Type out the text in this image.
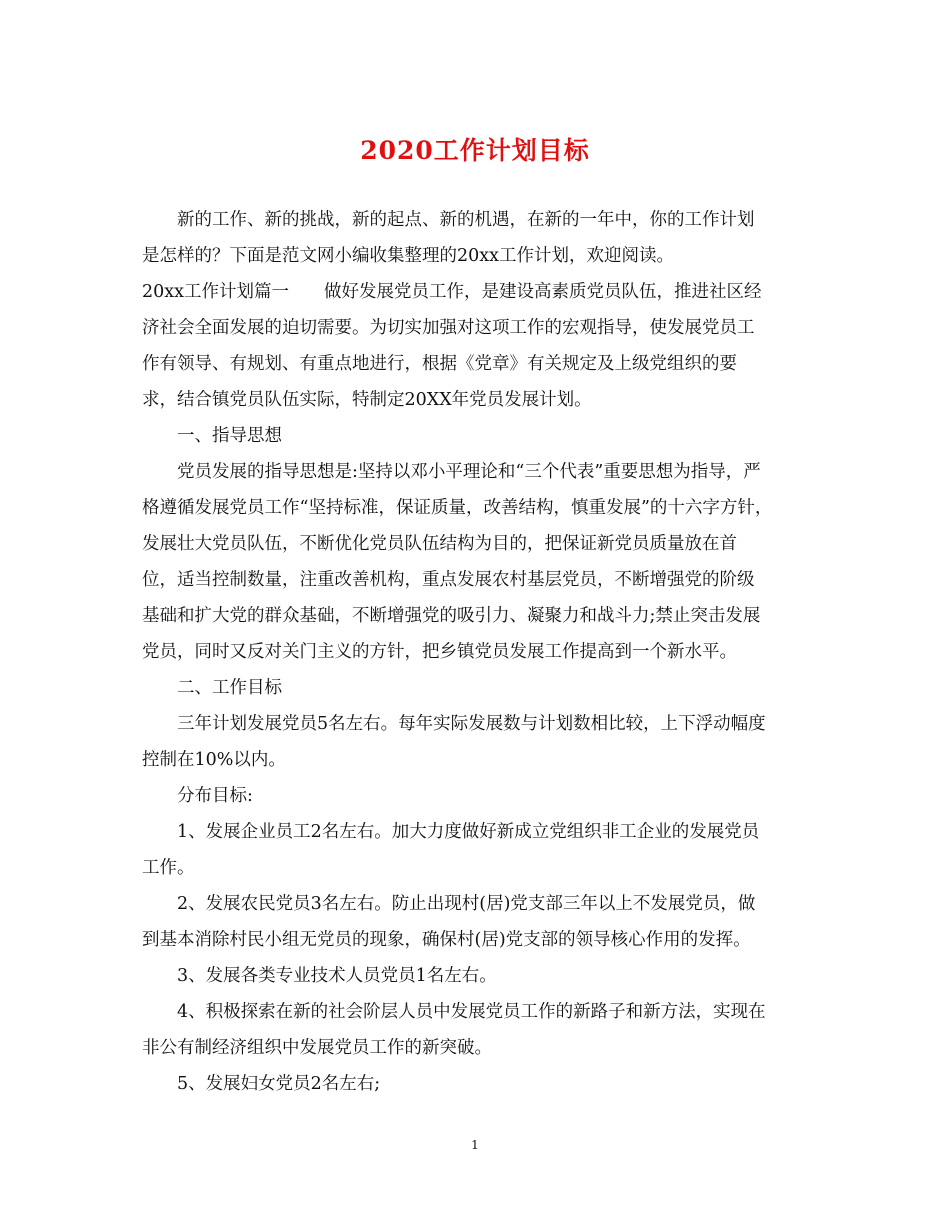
2020工作计划目标
新的工作、新的挑战，新的起点、新的机遇，在新的一年中，你的工作计划
是怎样的？下面是范文网小编收集整理的20xx工作计划，欢迎阅读。
20xx工作计划篇一　　做好发展党员工作，是建设高素质党员队伍，推进社区经
济社会全面发展的迫切需要。为切实加强对这项工作的宏观指导，使发展党员工
作有领导、有规划、有重点地进行，根据《党章》有关规定及上级党组织的要
求，结合镇党员队伍实际，特制定20XX年党员发展计划。
一、指导思想
党员发展的指导思想是:坚持以邓小平理论和“三个代表”重要思想为指导，严
格遵循发展党员工作“坚持标准，保证质量，改善结构，慎重发展”的十六字方针，
发展壮大党员队伍，不断优化党员队伍结构为目的，把保证新党员质量放在首
位，适当控制数量，注重改善机构，重点发展农村基层党员，不断增强党的阶级
基础和扩大党的群众基础，不断增强党的吸引力、凝聚力和战斗力;禁止突击发展
党员，同时又反对关门主义的方针，把乡镇党员发展工作提高到一个新水平。
二、工作目标
三年计划发展党员5名左右。每年实际发展数与计划数相比较，上下浮动幅度
控制在10%以内。
分布目标:
1、发展企业员工2名左右。加大力度做好新成立党组织非工企业的发展党员
工作。
2、发展农民党员3名左右。防止出现村(居)党支部三年以上不发展党员，做
到基本消除村民小组无党员的现象，确保村(居)党支部的领导核心作用的发挥。
3、发展各类专业技术人员党员1名左右。
4、积极探索在新的社会阶层人员中发展党员工作的新路子和新方法，实现在
非公有制经济组织中发展党员工作的新突破。
5、发展妇女党员2名左右;
1
